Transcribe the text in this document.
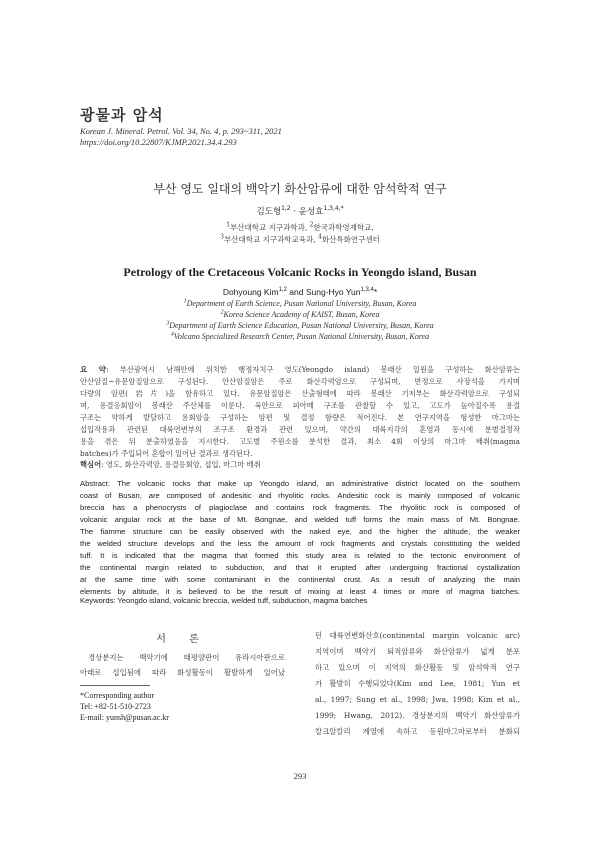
광물과 암석
Korean J. Mineral. Petrol. Vol. 34, No. 4, p. 293~311, 2021
https://doi.org/10.22807/KJMP.2021.34.4.293
부산 영도 일대의 백악기 화산암류에 대한 암석학적 연구
김도형$^{1,2}$ · 윤성효$^{1,3,4,*}$
$^1$부산대학교 지구과학과, $^2$한국과학영재학교,
$^3$부산대학교 지구과학교육과, $^4$화산특화연구센터
Petrology of the Cretaceous Volcanic Rocks in Yeongdo island, Busan
Dohyoung Kim$^{1,2}$ and Sung-Hyo Yun$^{1,3,4}$*
$^1$Department of Earth Science, Pusan National University, Busan, Korea
$^2$Korea Science Academy of KAIST, Busan, Korea
$^3$Department of Earth Science Education, Pusan National University, Busan, Korea
$^4$Volcano Specialized Research Center, Pusan National University, Busan, Korea
요 약: 부산광역시 남해안에 위치한 행정자치구 영도(Yeongdo island) 봉래산 일원을 구성하는 화산암류는
안산암질~유문암질암으로 구성된다. 안산암질암은 주로 화산각력암으로 구성되며, 반정으로 사장석을 가지며
다량의 암편(岩片)을 함유하고 있다. 유문암질암은 산출형태에 따라 봉래산 기저부는 화산각력암으로 구성되
며, 용결응회암이 봉래산 주산체를 이룬다. 육안으로 피아메 구조를 관찰할 수 있고, 고도가 높아질수록 용결
구조는 약하게 발달하고 용회암을 구성하는 암편 및 결정 함량은 적어진다. 본 연구지역을 형성한 마그마는
섭입작용과 관련된 대륙연변부의 조구조 환경과 관련 있으며, 약간의 대륙지각의 혼염과 동시에 분별결정작
용을 겪은 뒤 분출하였음을 지시한다. 고도별 주원소를 분석한 결과, 최소 4회 이상의 마그마 배취(magma
batches)가 주입되어 혼합이 일어난 결과로 생각된다.
핵심어: 영도, 화산각력암, 용결응회암, 섭입, 마그마 배취
Abstract: The volcanic rocks that make up Yeongdo island, an administrative district located on the southern
coast of Busan, are composed of andesitic and rhyolitic rocks. Andesitic rock is mainly composed of volcanic
breccia has a phenocrysts of plagioclase and contains rock fragments. The rhyolitic rock is composed of
volcanic angular rock at the base of Mt. Bongnae, and welded tuff forms the main mass of Mt. Bongnae.
The fiamme structure can be easily observed with the naked eye, and the higher the altitude, the weaker
the welded structure develops and the less the amount of rock fragments and crystals constituting the welded
tuff. It is indicated that the magma that formed this study area is related to the tectonic environment of
the continental margin related to subduction, and that it erupted after undergoing fractional cystallization
at the same time with some contaminant in the continental crust. As a result of analyzing the main
elements by altitude, it is believed to be the result of mixing at least 4 times or more of magma batches.
Keywords: Yeongdo island, volcanic breccia, welded tuff, subduction, magma batches
서 론
경상분지는 백악기에 태평양판이 유라시아판으로
아래로 섭입됨에 따라 화성활동이 활발하게 일어났
*Corresponding author
Tel: +82-51-510-2723
E-mail: yunsh@pusan.ac.kr
던 대륙연변화산호(continental margin volcanic arc)
지역이며 백악기 퇴적암류와 화산암류가 넓게 분포
하고 있으며 이 지역의 화산활동 및 암석학적 연구
가 활발히 수행되었다(Kim and Lee, 1981; Yun et
al., 1997; Sung et al., 1998; Jwa, 1998; Kim et al.,
1999; Hwang, 2012). 경상분지의 백악기 화산암류가
칼크알칼리 계열에 속하고 동원마그마로부터 분화되
293
